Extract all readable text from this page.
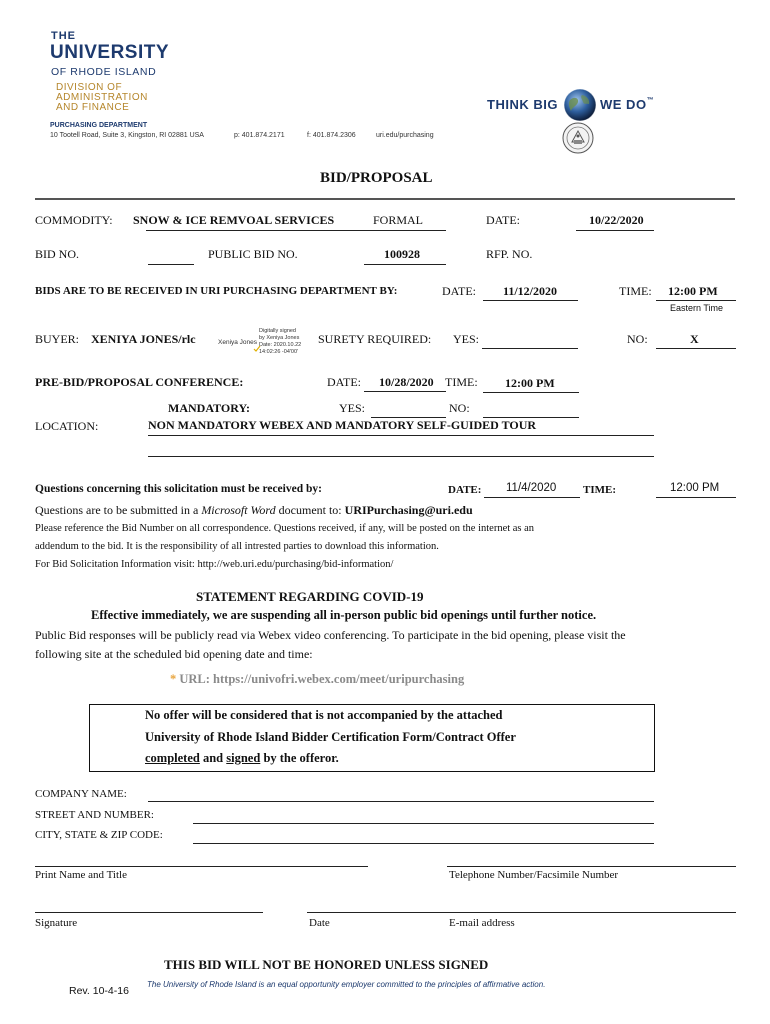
THE
UNIVERSITY
OF RHODE ISLAND
DIVISION OF
ADMINISTRATION
AND FINANCE	THINK BIG	WE DO™
PURCHASING DEPARTMENT
10 Tootell Road, Suite 3, Kingston, RI 02881 USA	p: 401.874.2171	f: 401.874.2306	uri.edu/purchasing
BID/PROPOSAL
COMMODITY: SNOW & ICE REMVOAL SERVICES	FORMAL	DATE:	10/22/2020
BID NO.	PUBLIC BID NO.	100928	RFP. NO.
BIDS ARE TO BE RECEIVED IN URI PURCHASING DEPARTMENT BY:	DATE: 11/12/2020	TIME: 12:00 PM
Eastern Time
BUYER: XENIYA JONES/rlc	Xeniya Jones
Digitally signed
by Xeniya Jones
Date: 2020.10.22
14:02:26 -04'00'
SURETY REQUIRED: YES:	NO:	X
PRE-BID/PROPOSAL CONFERENCE:	DATE: 10/28/2020 TIME: 12:00 PM
MANDATORY:	YES:	NO:
LOCATION:	NON MANDATORY WEBEX AND MANDATORY SELF-GUIDED TOUR
Questions concerning this solicitation must be received by:	DATE: 11/4/2020 TIME:	12:00 PM
Questions are to be submitted in a Microsoft Word document to: URIPurchasing@uri.edu
Please reference the Bid Number on all correspondence. Questions received, if any, will be posted on the internet as an
addendum to the bid. It is the responsibility of all intrested parties to download this information.
For Bid Solicitation Information visit: http://web.uri.edu/purchasing/bid-information/
STATEMENT REGARDING COVID-19
Effective immediately, we are suspending all in-person public bid openings until further notice.
Public Bid responses will be publicly read via Webex video conferencing. To participate in the bid opening, please visit the
following site at the scheduled bid opening date and time:
* URL: https://univofri.webex.com/meet/uripurchasing
No offer will be considered that is not accompanied by the attached
University of Rhode Island Bidder Certification Form/Contract Offer
completed and signed by the offeror.
COMPANY NAME:
STREET AND NUMBER:
CITY, STATE & ZIP CODE:
Print Name and Title	Telephone Number/Facsimile Number
Signature	Date	E-mail address
THIS BID WILL NOT BE HONORED UNLESS SIGNED
Rev. 10-4-16
The University of Rhode Island is an equal opportunity employer committed to the principles of affirmative action.
